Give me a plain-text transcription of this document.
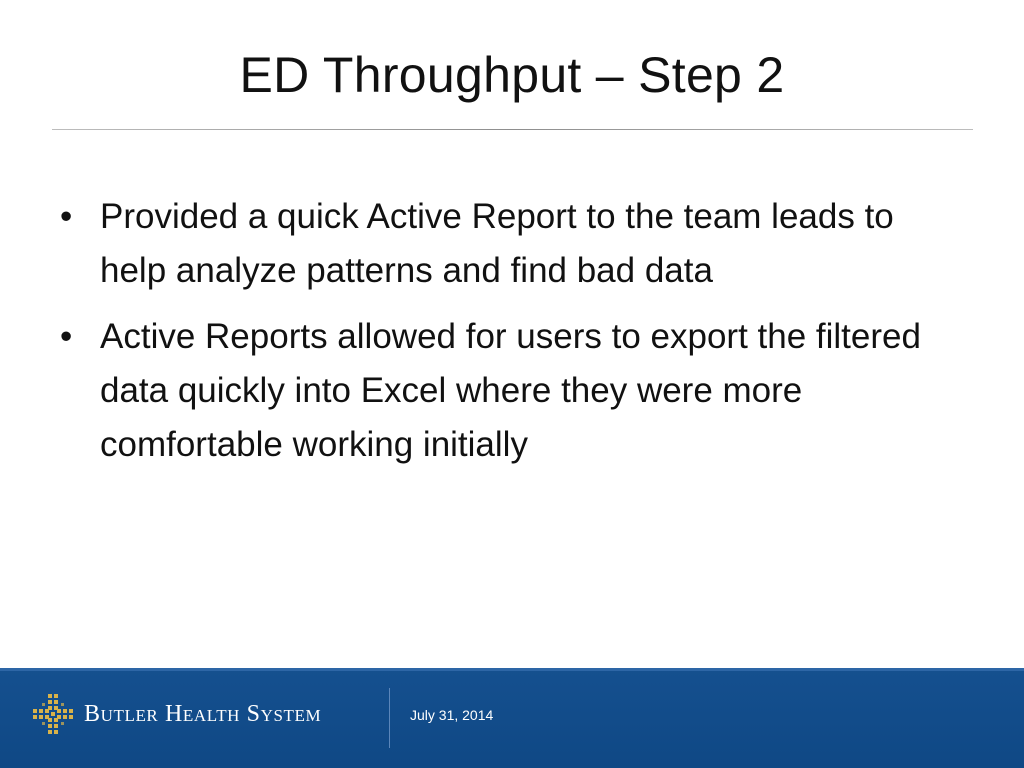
ED Throughput – Step 2
• Provided a quick Active Report to the team leads to help analyze patterns and find bad data
• Active Reports allowed for users to export the filtered data quickly into Excel where they were more comfortable working initially
Butler Health System	July 31, 2014
